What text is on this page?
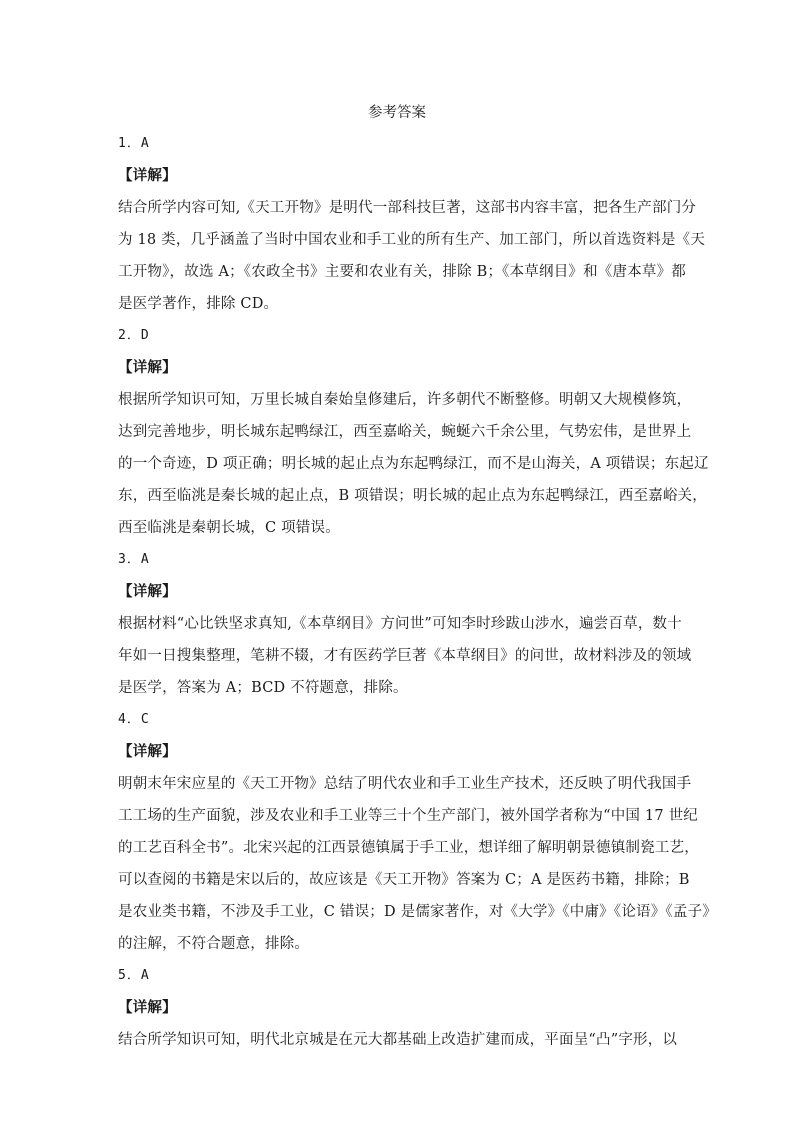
参考答案
1．A
【详解】
结合所学内容可知,《天工开物》是明代一部科技巨著，这部书内容丰富，把各生产部门分
为 18 类，几乎涵盖了当时中国农业和手工业的所有生产、加工部门，所以首选资料是《天
工开物》，故选 A；《农政全书》主要和农业有关，排除 B；《本草纲目》和《唐本草》都
是医学著作，排除 CD。
2．D
【详解】
根据所学知识可知，万里长城自秦始皇修建后，许多朝代不断整修。明朝又大规模修筑，
达到完善地步，明长城东起鸭绿江，西至嘉峪关，蜿蜒六千余公里，气势宏伟，是世界上
的一个奇迹，D 项正确；明长城的起止点为东起鸭绿江，而不是山海关，A 项错误；东起辽
东，西至临洮是秦长城的起止点，B 项错误；明长城的起止点为东起鸭绿江，西至嘉峪关，
西至临洮是秦朝长城，C 项错误。
3．A
【详解】
根据材料“心比铁坚求真知,《本草纲目》方问世”可知李时珍跋山涉水，遍尝百草，数十
年如一日搜集整理，笔耕不辍，才有医药学巨著《本草纲目》的问世，故材料涉及的领域
是医学，答案为 A；BCD 不符题意，排除。
4．C
【详解】
明朝末年宋应星的《天工开物》总结了明代农业和手工业生产技术，还反映了明代我国手
工工场的生产面貌，涉及农业和手工业等三十个生产部门，被外国学者称为“中国 17 世纪
的工艺百科全书”。北宋兴起的江西景德镇属于手工业，想详细了解明朝景德镇制瓷工艺，
可以查阅的书籍是宋以后的，故应该是《天工开物》答案为 C；A 是医药书籍，排除；B
是农业类书籍，不涉及手工业，C 错误；D 是儒家著作，对《大学》《中庸》《论语》《孟子》
的注解，不符合题意，排除。
5．A
【详解】
结合所学知识可知，明代北京城是在元大都基础上改造扩建而成，平面呈“凸”字形，以
